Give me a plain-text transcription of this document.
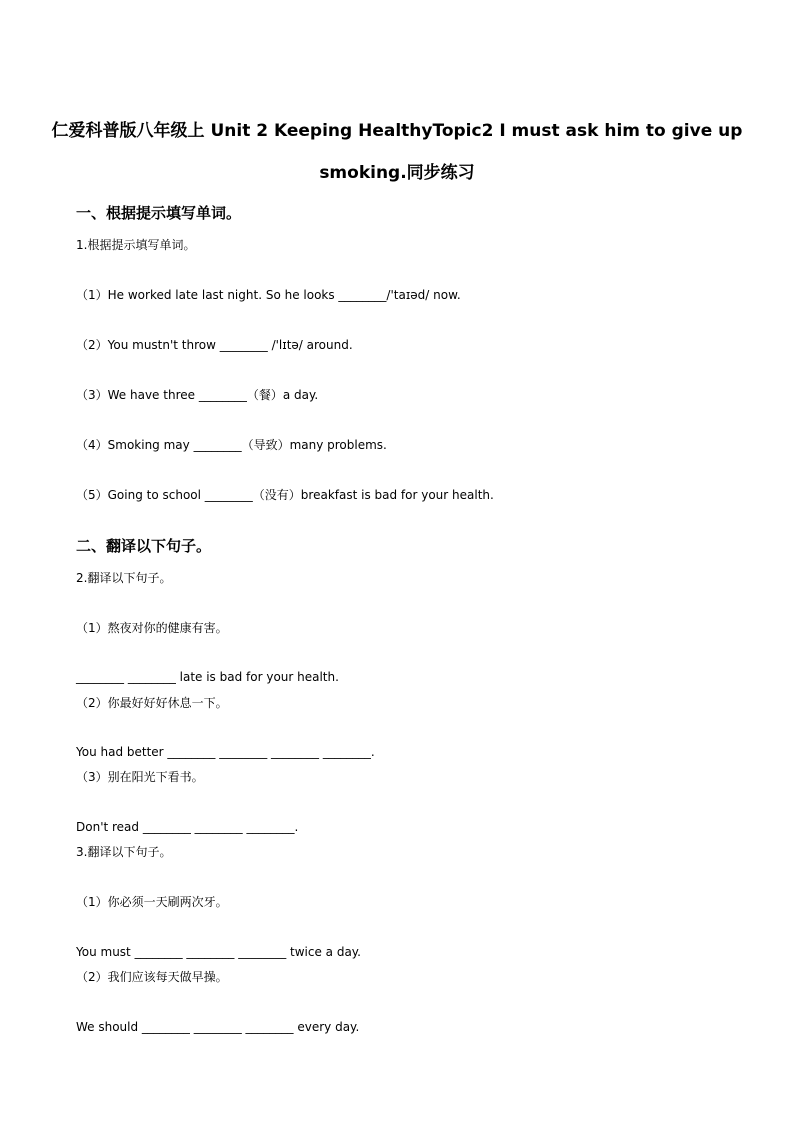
仁爱科普版八年级上 Unit 2 Keeping HealthyTopic2 I must ask him to give up
smoking.同步练习
一、根据提示填写单词。
1.根据提示填写单词。
（1）He worked late last night. So he looks ________/'taɪəd/ now.
（2）You mustn't throw ________ /'lɪtə/ around.
（3）We have three ________（餐）a day.
（4）Smoking may ________（导致）many problems.
（5）Going to school ________（没有）breakfast is bad for your health.
二、翻译以下句子。
2.翻译以下句子。
（1）熬夜对你的健康有害。
________ ________ late is bad for your health.
（2）你最好好好休息一下。
You had better ________ ________ ________ ________.
（3）别在阳光下看书。
Don't read ________ ________ ________.
3.翻译以下句子。
（1）你必须一天刷两次牙。
You must ________ ________ ________ twice a day.
（2）我们应该每天做早操。
We should ________ ________ ________ every day.
